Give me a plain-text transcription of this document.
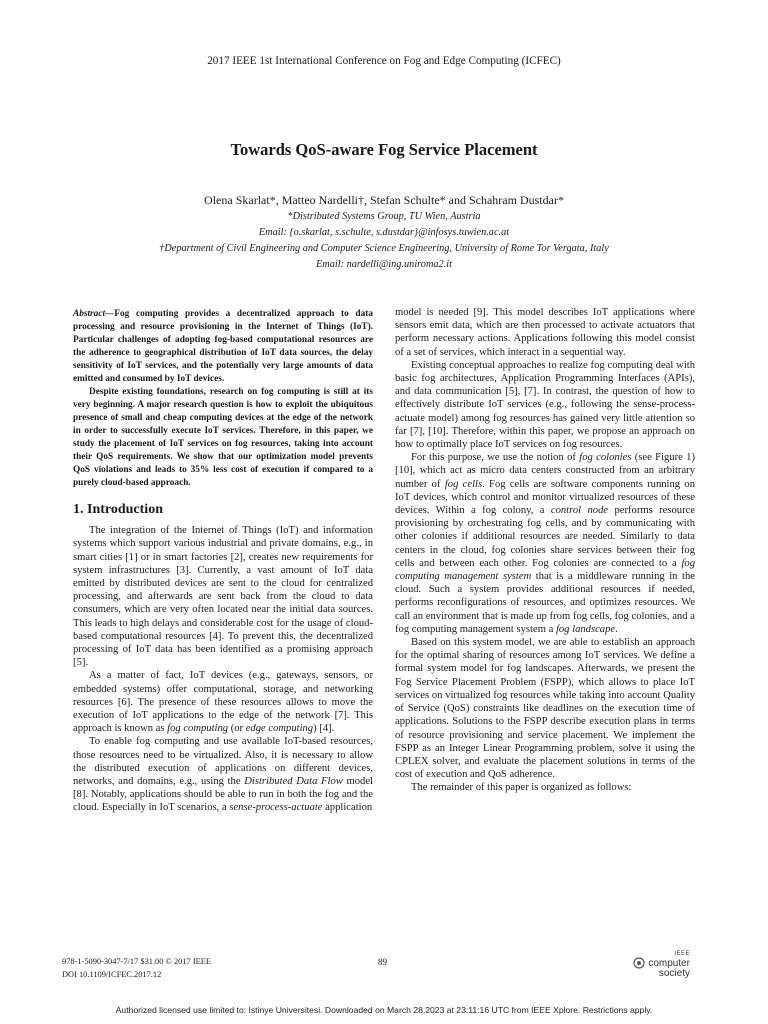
2017 IEEE 1st International Conference on Fog and Edge Computing (ICFEC)
Towards QoS-aware Fog Service Placement
Olena Skarlat*, Matteo Nardelli†, Stefan Schulte* and Schahram Dustdar*
*Distributed Systems Group, TU Wien, Austria
Email: {o.skarlat, s.schulte, s.dustdar}@infosys.tuwien.ac.at
†Department of Civil Engineering and Computer Science Engineering, University of Rome Tor Vergata, Italy
Email: nardelli@ing.uniroma2.it

Abstract—Fog computing provides a decentralized approach to data processing and resource provisioning in the Internet of Things (IoT). Particular challenges of adopting fog-based computational resources are the adherence to geographical distribution of IoT data sources, the delay sensitivity of IoT services, and the potentially very large amounts of data emitted and consumed by IoT devices.

Despite existing foundations, research on fog computing is still at its very beginning. A major research question is how to exploit the ubiquitous presence of small and cheap computing devices at the edge of the network in order to successfully execute IoT services. Therefore, in this paper, we study the placement of IoT services on fog resources, taking into account their QoS requirements. We show that our optimization model prevents QoS violations and leads to 35% less cost of execution if compared to a purely cloud-based approach.

1. Introduction

The integration of the Internet of Things (IoT) and information systems which support various industrial and private domains, e.g., in smart cities [1] or in smart factories [2], creates new requirements for system infrastructures [3]. Currently, a vast amount of IoT data emitted by distributed devices are sent to the cloud for centralized processing, and afterwards are sent back from the cloud to data consumers, which are very often located near the initial data sources. This leads to high delays and considerable cost for the usage of cloud-based computational resources [4]. To prevent this, the decentralized processing of IoT data has been identified as a promising approach [5].

As a matter of fact, IoT devices (e.g., gateways, sensors, or embedded systems) offer computational, storage, and networking resources [6]. The presence of these resources allows to move the execution of IoT applications to the edge of the network [7]. This approach is known as fog computing (or edge computing) [4].

To enable fog computing and use available IoT-based resources, those resources need to be virtualized. Also, it is necessary to allow the distributed execution of applications on different devices, networks, and domains, e.g., using the Distributed Data Flow model [8]. Notably, applications should be able to run in both the fog and the cloud. Especially in IoT scenarios, a sense-process-actuate application

model is needed [9]. This model describes IoT applications where sensors emit data, which are then processed to activate actuators that perform necessary actions. Applications following this model consist of a set of services, which interact in a sequential way.

Existing conceptual approaches to realize fog computing deal with basic fog architectures, Application Programming Interfaces (APIs), and data communication [5], [7]. In contrast, the question of how to effectively distribute IoT services (e.g., following the sense-process-actuate model) among fog resources has gained very little attention so far [7], [10]. Therefore, within this paper, we propose an approach on how to optimally place IoT services on fog resources.

For this purpose, we use the notion of fog colonies (see Figure 1) [10], which act as micro data centers constructed from an arbitrary number of fog cells. Fog cells are software components running on IoT devices, which control and monitor virtualized resources of these devices. Within a fog colony, a control node performs resource provisioning by orchestrating fog cells, and by communicating with other colonies if additional resources are needed. Similarly to data centers in the cloud, fog colonies share services between their fog cells and between each other. Fog colonies are connected to a fog computing management system that is a middleware running in the cloud. Such a system provides additional resources if needed, performs reconfigurations of resources, and optimizes resources. We call an environment that is made up from fog cells, fog colonies, and a fog computing management system a fog landscape.

Based on this system model, we are able to establish an approach for the optimal sharing of resources among IoT services. We define a formal system model for fog landscapes. Afterwards, we present the Fog Service Placement Problem (FSPP), which allows to place IoT services on virtualized fog resources while taking into account Quality of Service (QoS) constraints like deadlines on the execution time of applications. Solutions to the FSPP describe execution plans in terms of resource provisioning and service placement. We implement the FSPP as an Integer Linear Programming problem, solve it using the CPLEX solver, and evaluate the placement solutions in terms of the cost of execution and QoS adherence.

The remainder of this paper is organized as follows:

978-1-5090-3047-7/17 $31.00 © 2017 IEEE
DOI 10.1109/ICFEC.2017.12
89
IEEE
computer
society
Authorized licensed use limited to: Istinye Universitesi. Downloaded on March 28,2023 at 23:11:16 UTC from IEEE Xplore. Restrictions apply.
